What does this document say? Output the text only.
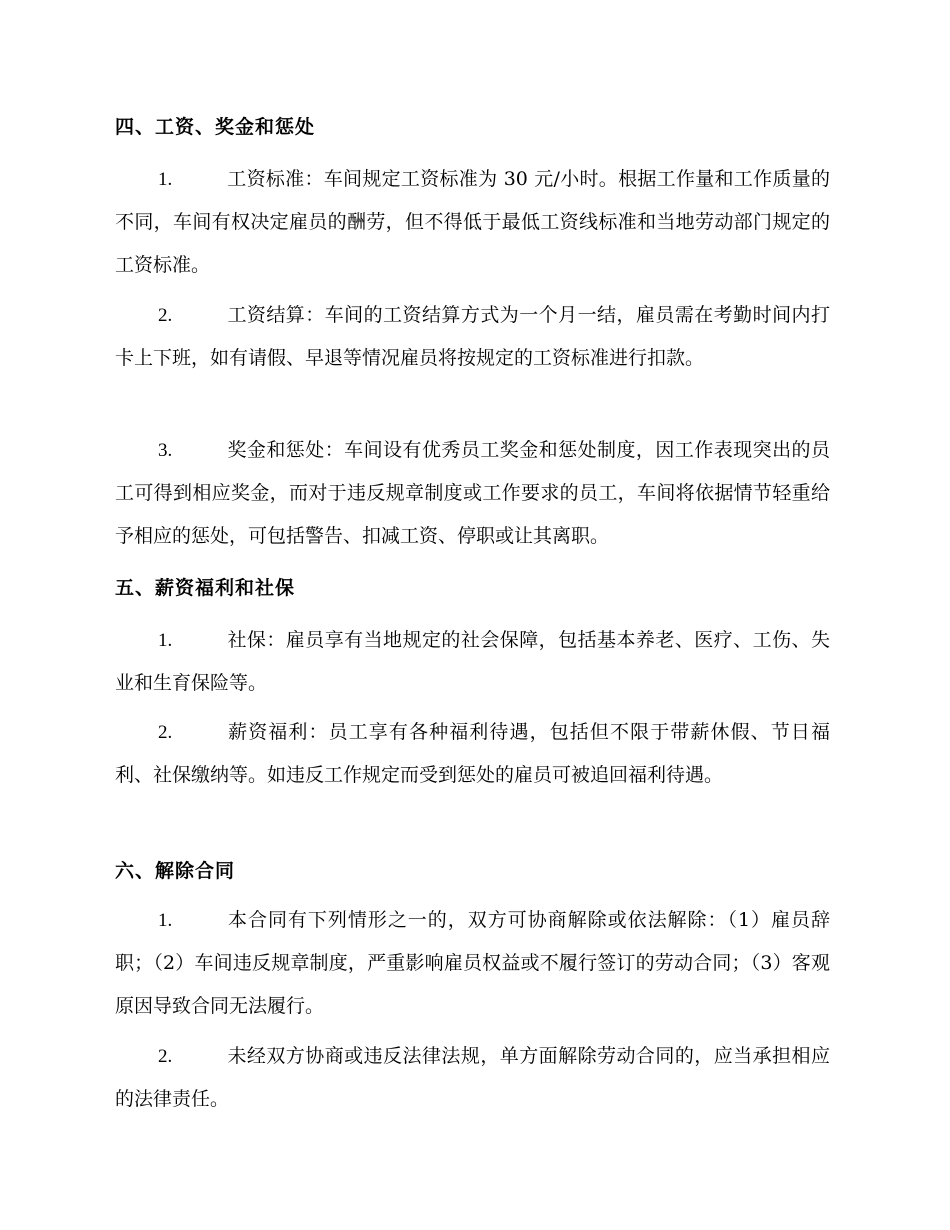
四、工资、奖金和惩处

1.	工资标准：车间规定工资标准为 30 元/小时。根据工作量和工作质量的不同，车间有权决定雇员的酬劳，但不得低于最低工资线标准和当地劳动部门规定的工资标准。

2.	工资结算：车间的工资结算方式为一个月一结，雇员需在考勤时间内打卡上下班，如有请假、早退等情况雇员将按规定的工资标准进行扣款。

3.	奖金和惩处：车间设有优秀员工奖金和惩处制度，因工作表现突出的员工可得到相应奖金，而对于违反规章制度或工作要求的员工，车间将依据情节轻重给予相应的惩处，可包括警告、扣减工资、停职或让其离职。

五、薪资福利和社保

1.	社保：雇员享有当地规定的社会保障，包括基本养老、医疗、工伤、失业和生育保险等。

2.	薪资福利：员工享有各种福利待遇，包括但不限于带薪休假、节日福利、社保缴纳等。如违反工作规定而受到惩处的雇员可被追回福利待遇。

六、解除合同

1.	本合同有下列情形之一的，双方可协商解除或依法解除：（1）雇员辞职；（2）车间违反规章制度，严重影响雇员权益或不履行签订的劳动合同；（3）客观原因导致合同无法履行。

2.	未经双方协商或违反法律法规，单方面解除劳动合同的，应当承担相应的法律责任。
